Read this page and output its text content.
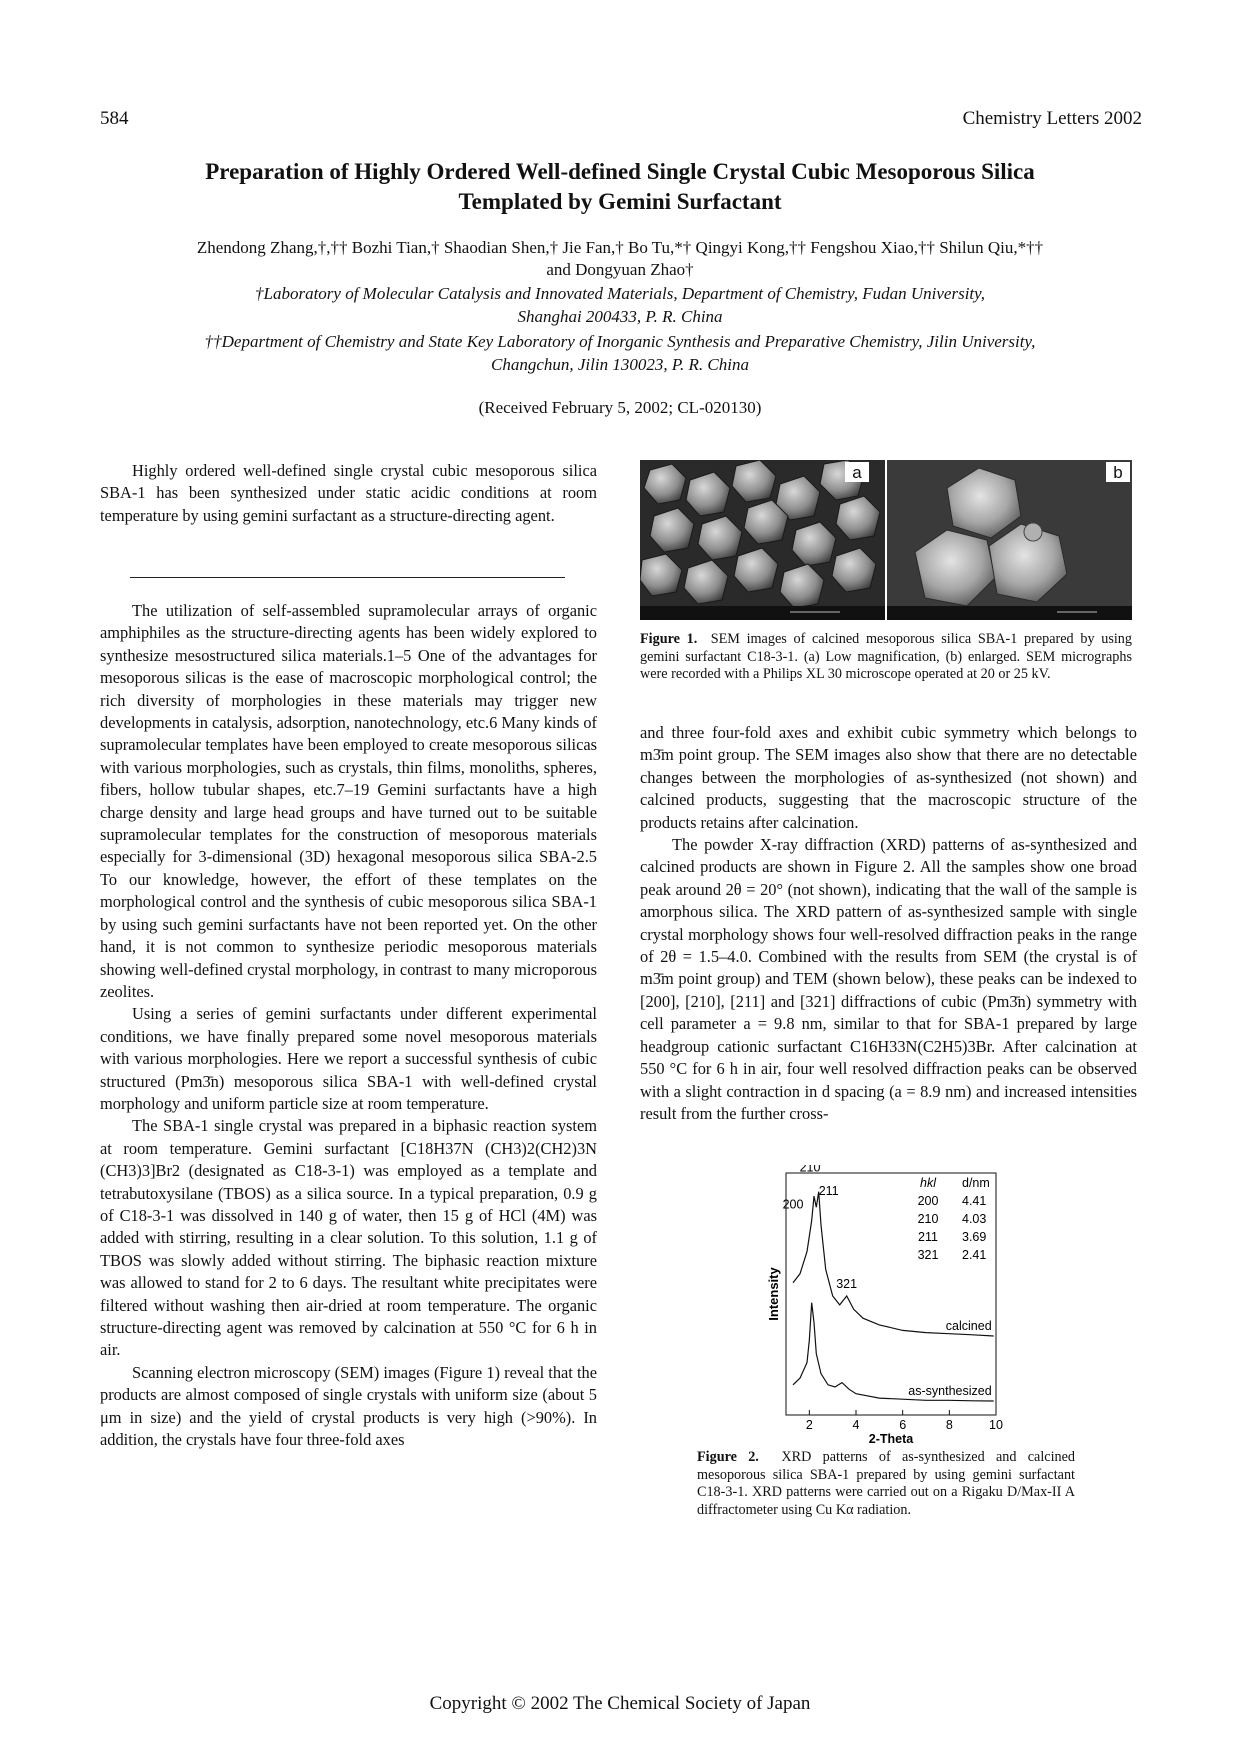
584	Chemistry Letters 2002
Preparation of Highly Ordered Well-defined Single Crystal Cubic Mesoporous Silica
Templated by Gemini Surfactant
Zhendong Zhang,†,†† Bozhi Tian,† Shaodian Shen,† Jie Fan,† Bo Tu,*† Qingyi Kong,†† Fengshou Xiao,†† Shilun Qiu,*††
and Dongyuan Zhao†
†Laboratory of Molecular Catalysis and Innovated Materials, Department of Chemistry, Fudan University,
Shanghai 200433, P. R. China
††Department of Chemistry and State Key Laboratory of Inorganic Synthesis and Preparative Chemistry, Jilin University,
Changchun, Jilin 130023, P. R. China
(Received February 5, 2002; CL-020130)

Highly ordered well-defined single crystal cubic mesoporous silica SBA-1 has been synthesized under static acidic conditions at room temperature by using gemini surfactant as a structure-directing agent.

The utilization of self-assembled supramolecular arrays of organic amphiphiles as the structure-directing agents has been widely explored to synthesize mesostructured silica materials.1–5 One of the advantages for mesoporous silicas is the ease of macroscopic morphological control; the rich diversity of morphologies in these materials may trigger new developments in catalysis, adsorption, nanotechnology, etc.6 Many kinds of supramolecular templates have been employed to create mesoporous silicas with various morphologies, such as crystals, thin films, monoliths, spheres, fibers, hollow tubular shapes, etc.7–19 Gemini surfactants have a high charge density and large head groups and have turned out to be suitable supramolecular templates for the construction of mesoporous materials especially for 3-dimensional (3D) hexagonal mesoporous silica SBA-2.5 To our knowledge, however, the effort of these templates on the morphological control and the synthesis of cubic mesoporous silica SBA-1 by using such gemini surfactants have not been reported yet. On the other hand, it is not common to synthesize periodic mesoporous materials showing well-defined crystal morphology, in contrast to many microporous zeolites.

Using a series of gemini surfactants under different experimental conditions, we have finally prepared some novel mesoporous materials with various morphologies. Here we report a successful synthesis of cubic structured (Pm3̄n) mesoporous silica SBA-1 with well-defined crystal morphology and uniform particle size at room temperature.

The SBA-1 single crystal was prepared in a biphasic reaction system at room temperature. Gemini surfactant [C18H37N (CH3)2(CH2)3N (CH3)3]Br2 (designated as C18-3-1) was employed as a template and tetrabutoxysilane (TBOS) as a silica source. In a typical preparation, 0.9 g of C18-3-1 was dissolved in 140 g of water, then 15 g of HCl (4M) was added with stirring, resulting in a clear solution. To this solution, 1.1 g of TBOS was slowly added without stirring. The biphasic reaction mixture was allowed to stand for 2 to 6 days. The resultant white precipitates were filtered without washing then air-dried at room temperature. The organic structure-directing agent was removed by calcination at 550 °C for 6 h in air.

Scanning electron microscopy (SEM) images (Figure 1) reveal that the products are almost composed of single crystals with uniform size (about 5 μm in size) and the yield of crystal products is very high (>90%). In addition, the crystals have four three-fold axes

a	b
Figure 1. SEM images of calcined mesoporous silica SBA-1 prepared by using gemini surfactant C18-3-1. (a) Low magnification, (b) enlarged. SEM micrographs were recorded with a Philips XL 30 microscope operated at 20 or 25 kV.

and three four-fold axes and exhibit cubic symmetry which belongs to m3̄m point group. The SEM images also show that there are no detectable changes between the morphologies of as-synthesized (not shown) and calcined products, suggesting that the macroscopic structure of the products retains after calcination.

The powder X-ray diffraction (XRD) patterns of as-synthesized and calcined products are shown in Figure 2. All the samples show one broad peak around 2θ = 20° (not shown), indicating that the wall of the sample is amorphous silica. The XRD pattern of as-synthesized sample with single crystal morphology shows four well-resolved diffraction peaks in the range of 2θ = 1.5–4.0. Combined with the results from SEM (the crystal is of m3̄m point group) and TEM (shown below), these peaks can be indexed to [200], [210], [211] and [321] diffractions of cubic (Pm3̄n) symmetry with cell parameter a = 9.8 nm, similar to that for SBA-1 prepared by large headgroup cationic surfactant C16H33N(C2H5)3Br. After calcination at 550 °C for 6 h in air, four well resolved diffraction peaks can be observed with a slight contraction in d spacing (a = 8.9 nm) and increased intensities result from the further cross-

calcined
as-synthesized
2	4	6	8	10
2-Theta
Intensity
200
210
211
321
hkl d/nm
200 4.41
210 4.03
211 3.69
321 2.41
Figure 2. XRD patterns of as-synthesized and calcined mesoporous silica SBA-1 prepared by using gemini surfactant C18-3-1. XRD patterns were carried out on a Rigaku D/Max-II A diffractometer using Cu Kα radiation.
Copyright © 2002 The Chemical Society of Japan
